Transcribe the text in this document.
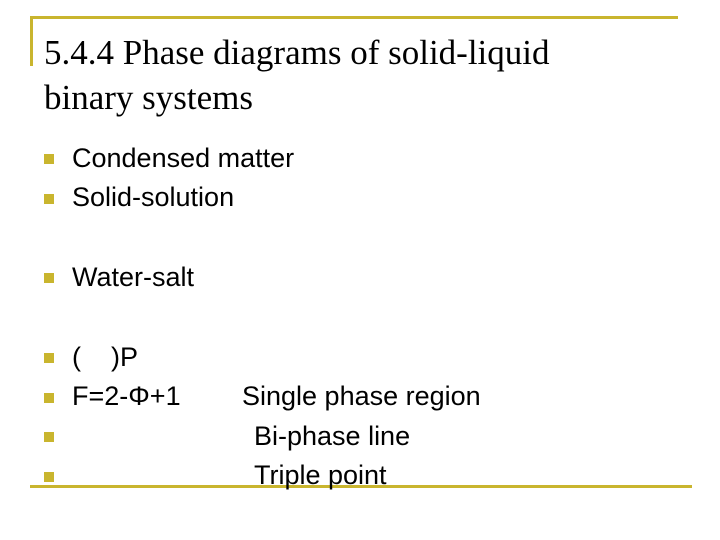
5.4.4 Phase diagrams of solid-liquid
binary systems
Condensed matter
Solid-solution
Water-salt
(    )P
F=2-Φ+1 Single phase region
Bi-phase line
Triple point
